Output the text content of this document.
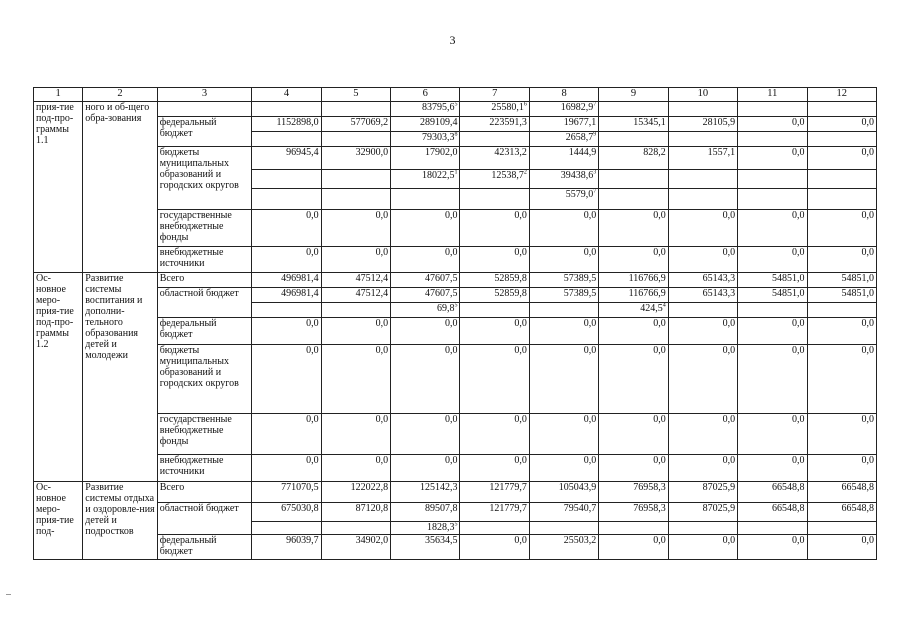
3
1	2	3	4	5	6	7	8	9	10	11	12
прия-тие под-про-граммы 1.1	ного и об-щего обра-зования				83795,6$^5$	25580,1$^6$	16982,9$^7$				
		федеральный бюджет	1152898,0	577069,2	289109,4	223591,3	19677,1	15345,1	28105,9	0,0	0,0
					79303,3$^8$		2658,7$^9$				
		бюджеты муниципальных образований и городских округов	96945,4	32900,0	17902,0	42313,2	1444,9	828,2	1557,1	0,0	0,0
					18022,5$^1$	12538,7$^2$	39438,6$^3$				
							5579,0$^7$				
		государственные внебюджетные фонды	0,0	0,0	0,0	0,0	0,0	0,0	0,0	0,0	0,0
		внебюджетные источники	0,0	0,0	0,0	0,0	0,0	0,0	0,0	0,0	0,0
Ос-новное меро-прия-тие под-про-граммы 1.2	Развитие системы воспитания и дополни-тельного образования детей и молодежи	Всего	496981,4	47512,4	47607,5	52859,8	57389,5	116766,9	65143,3	54851,0	54851,0
		областной бюджет	496981,4	47512,4	47607,5	52859,8	57389,5	116766,9	65143,3	54851,0	54851,0
					69,8$^5$			424,5$^4$			
		федеральный бюджет	0,0	0,0	0,0	0,0	0,0	0,0	0,0	0,0	0,0
		бюджеты муниципальных образований и городских округов	0,0	0,0	0,0	0,0	0,0	0,0	0,0	0,0	0,0
		государственные внебюджетные фонды	0,0	0,0	0,0	0,0	0,0	0,0	0,0	0,0	0,0
		внебюджетные источники	0,0	0,0	0,0	0,0	0,0	0,0	0,0	0,0	0,0
Ос-новное меро-прия-тие под-	Развитие системы отдыха и оздоровле-ния детей и подростков	Всего	771070,5	122022,8	125142,3	121779,7	105043,9	76958,3	87025,9	66548,8	66548,8
		областной бюджет	675030,8	87120,8	89507,8	121779,7	79540,7	76958,3	87025,9	66548,8	66548,8
					1828,3$^5$						
		федеральный бюджет	96039,7	34902,0	35634,5	0,0	25503,2	0,0	0,0	0,0	0,0
